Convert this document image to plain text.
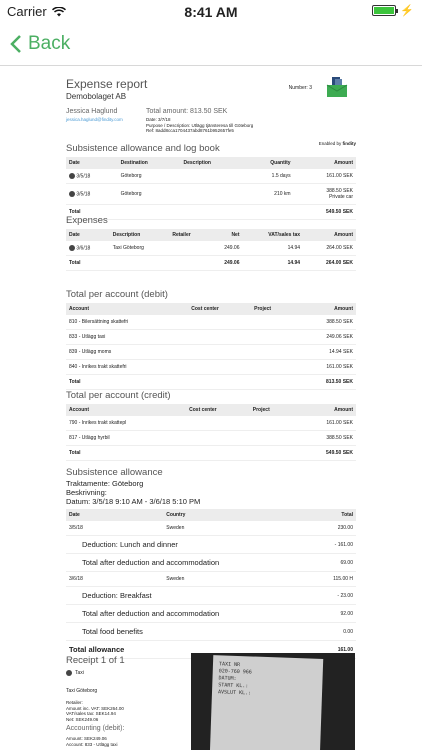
Carrier	8:41 AM	⚡
Back
Expense report
Demobolaget AB
Number: 3
Jessica Haglund
jessica.haglund@findity.com
Total amount: 813.50 SEK
Date: 3/7/18
Purpose / Description: Utlägg tjänsteresa till Göteborg
Ref: 8add8cca1704437abd8761b952657fe5
Enabled by findity
Subsistence allowance and log book
Date	Destination	Description	Quantity	Amount
3/5/18	Göteborg		1.5 days	161.00 SEK
3/5/18	Göteborg		210 km	388.50 SEK
Private car

Total				549.50 SEK
Expenses
Date	Description	Retailer	Net	VAT/sales tax	Amount
3/6/18	Taxi Göteborg		249.06	14.94	264.00 SEK
Total			249.06	14.94	264.00 SEK
Total per account (debit)
Account	Cost center	Project	Amount
810 - Bilersättning skattefri			388.50 SEK
833 - Utlägg taxi			249.06 SEK
839 - Utlägg moms			14.94 SEK
840 - Inrikes trakt skattefri			161.00 SEK
Total			813.50 SEK
Total per account (credit)
Account	Cost center	Project	Amount
790 - Inrikes trakt skattepl			161.00 SEK
817 - Utlägg hyrbil			388.50 SEK
Total			549.50 SEK
Subsistence allowance
Traktamente: Göteborg
Beskrivning:
Datum: 3/5/18 9:10 AM - 3/6/18 5:10 PM
Date	Country	Total
3/5/18	Sweden	230.00
Deduction: Lunch and dinner		- 161.00
Total after deduction and accommodation		69.00
3/6/18	Sweden	115.00 H
Deduction: Breakfast		- 23.00
Total after deduction and accommodation		92.00
Total food benefits		0.00
Total allowance		161.00
Receipt 1 of 1
Taxi
Taxi Göteborg
Retailer:
Amount inc. VAT: SEK264.00
VAT/sales tax: SEK14.94
Net: SEK249.06
Accounting (debit):
Amount: SEK249.06
Account: 833 - Utlägg taxi
TAXI NR
020-760 966
DATUM:
START KL.:
AVSLUT KL.:
